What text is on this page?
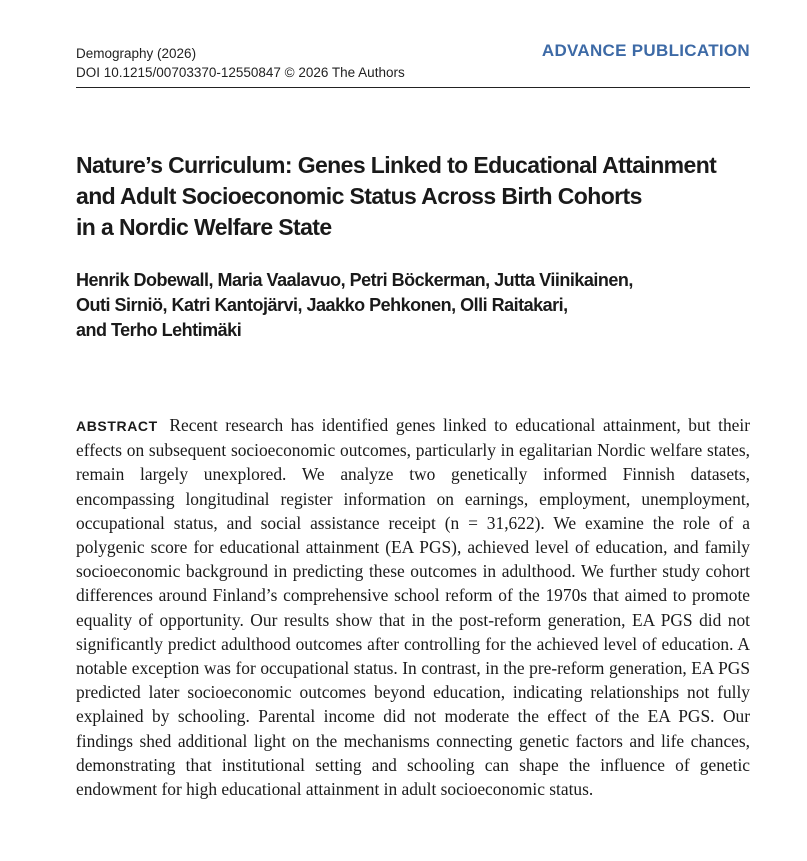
Demography (2026)
DOI 10.1215/00703370-12550847 © 2026 The Authors
ADVANCE PUBLICATION
Nature’s Curriculum: Genes Linked to Educational Attainment
and Adult Socioeconomic Status Across Birth Cohorts
in a Nordic Welfare State
Henrik Dobewall, Maria Vaalavuo, Petri Böckerman, Jutta Viinikainen,
Outi Sirniö, Katri Kantojärvi, Jaakko Pehkonen, Olli Raitakari,
and Terho Lehtimäki
ABSTRACT Recent research has identified genes linked to educational attainment, but their effects on subsequent socioeconomic outcomes, particularly in egalitarian Nordic welfare states, remain largely unexplored. We analyze two genetically informed Finnish datasets, encompassing longitudinal register information on earnings, employment, unemployment, occupational status, and social assistance receipt (n = 31,622). We examine the role of a polygenic score for educational attainment (EA PGS), achieved level of education, and family socioeconomic background in predicting these outcomes in adulthood. We further study cohort differences around Finland’s comprehensive school reform of the 1970s that aimed to promote equality of opportunity. Our results show that in the post-reform generation, EA PGS did not significantly predict adulthood outcomes after controlling for the achieved level of education. A notable exception was for occupational status. In contrast, in the pre-reform generation, EA PGS predicted later socioeconomic outcomes beyond education, indicating relationships not fully explained by schooling. Parental income did not moderate the effect of the EA PGS. Our findings shed additional light on the mechanisms connecting genetic factors and life chances, demonstrating that institutional setting and schooling can shape the influence of genetic endowment for high educational attainment in adult socioeconomic status.
